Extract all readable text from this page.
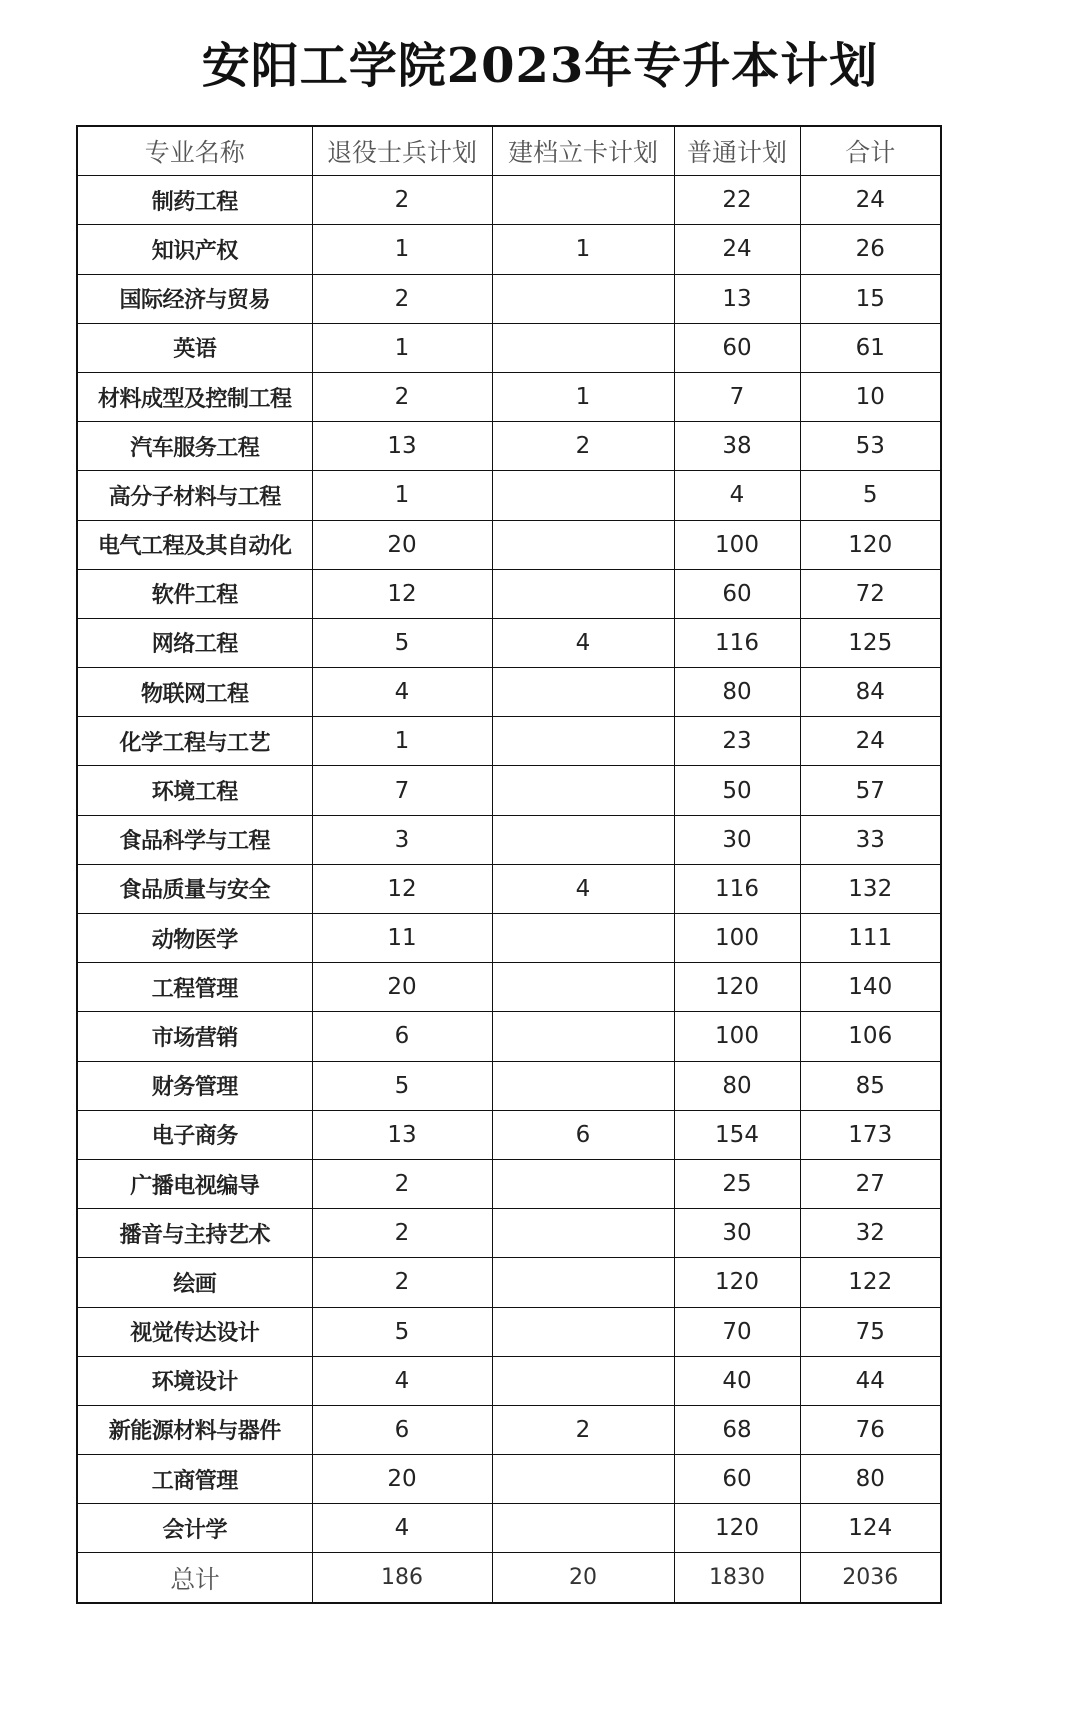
安阳工学院2023年专升本计划
专业名称	退役士兵计划	建档立卡计划	普通计划	合计
制药工程	2		22	24
知识产权	1	1	24	26
国际经济与贸易	2		13	15
英语	1		60	61
材料成型及控制工程	2	1	7	10
汽车服务工程	13	2	38	53
高分子材料与工程	1		4	5
电气工程及其自动化	20		100	120
软件工程	12		60	72
网络工程	5	4	116	125
物联网工程	4		80	84
化学工程与工艺	1		23	24
环境工程	7		50	57
食品科学与工程	3		30	33
食品质量与安全	12	4	116	132
动物医学	11		100	111
工程管理	20		120	140
市场营销	6		100	106
财务管理	5		80	85
电子商务	13	6	154	173
广播电视编导	2		25	27
播音与主持艺术	2		30	32
绘画	2		120	122
视觉传达设计	5		70	75
环境设计	4		40	44
新能源材料与器件	6	2	68	76
工商管理	20		60	80
会计学	4		120	124
总计	186	20	1830	2036
